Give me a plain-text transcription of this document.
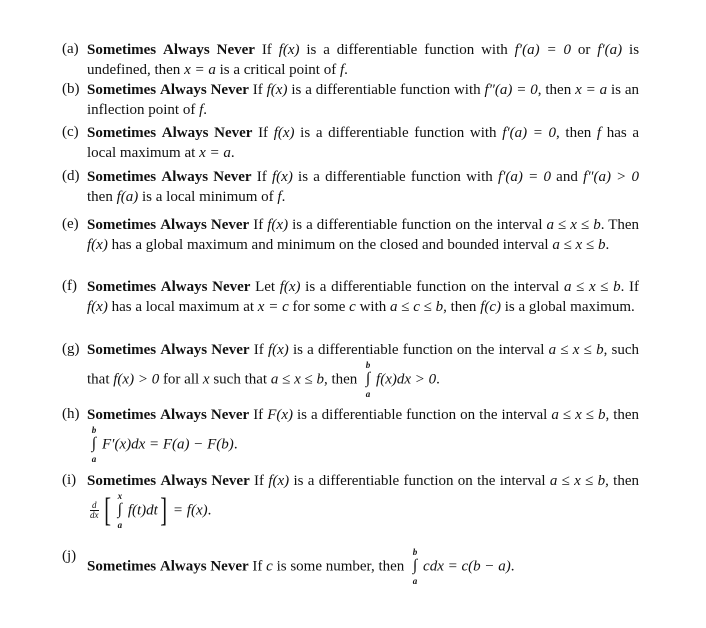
(a) Sometimes Always Never If f(x) is a differentiable function with f′(a) = 0 or f′(a) is undefined, then x = a is a critical point of f.
(b) Sometimes Always Never If f(x) is a differentiable function with f″(a) = 0, then x = a is an inflection point of f.
(c) Sometimes Always Never If f(x) is a differentiable function with f′(a) = 0, then f has a local maximum at x = a.
(d) Sometimes Always Never If f(x) is a differentiable function with f′(a) = 0 and f″(a) > 0 then f(a) is a local minimum of f.
(e) Sometimes Always Never If f(x) is a differentiable function on the interval a ≤ x ≤ b. Then f(x) has a global maximum and minimum on the closed and bounded interval a ≤ x ≤ b.
(f) Sometimes Always Never Let f(x) is a differentiable function on the interval a ≤ x ≤ b. If f(x) has a local maximum at x = c for some c with a ≤ c ≤ b, then f(c) is a global maximum.
(g) Sometimes Always Never If f(x) is a differentiable function on the interval a ≤ x ≤ b, such that f(x) > 0 for all x such that a ≤ x ≤ b, then
b
∫
a
f(x)dx > 0.
(h) Sometimes Always Never If F(x) is a differentiable function on the interval a ≤ x ≤ b, then
b
∫
a
F′(x)dx = F(a) − F(b).
(i) Sometimes Always Never If f(x) is a differentiable function on the interval a ≤ x ≤ b, then
$\frac{d}{dx}$ [ x
∫
a
f(t)dt] = f(x).
(j)
Sometimes Always Never If c is some number, then
b
∫
a
cdx = c(b − a).
